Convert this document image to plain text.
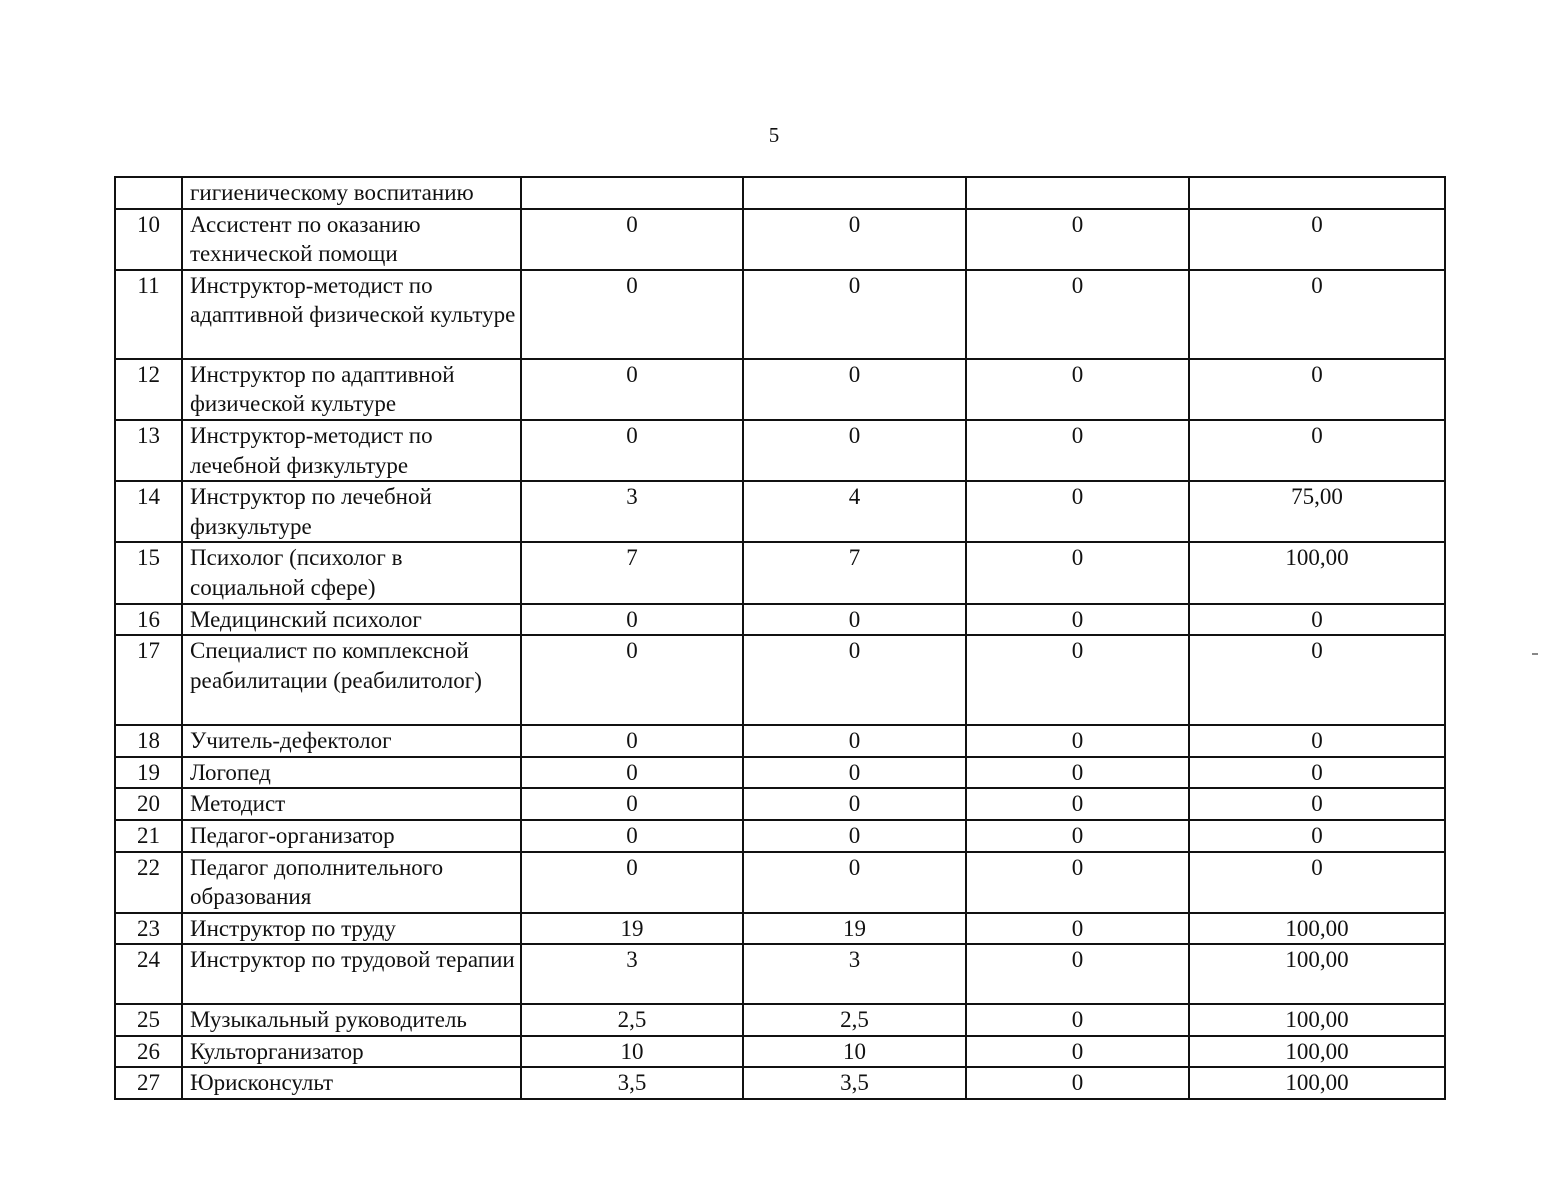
5
	гигиеническому воспитанию				
10	Ассистент по оказанию технической помощи	0	0	0	0
11	Инструктор-методист по адаптивной физической культуре	0	0	0	0
12	Инструктор по адаптивной физической культуре	0	0	0	0
13	Инструктор-методист по лечебной физкультуре	0	0	0	0
14	Инструктор по лечебной физкультуре	3	4	0	75,00
15	Психолог (психолог в социальной сфере)	7	7	0	100,00
16	Медицинский психолог	0	0	0	0
17	Специалист по комплексной реабилитации (реабилитолог)	0	0	0	0
18	Учитель-дефектолог	0	0	0	0
19	Логопед	0	0	0	0
20	Методист	0	0	0	0
21	Педагог-организатор	0	0	0	0
22	Педагог дополнительного образования	0	0	0	0
23	Инструктор по труду	19	19	0	100,00
24	Инструктор по трудовой терапии	3	3	0	100,00
25	Музыкальный руководитель	2,5	2,5	0	100,00
26	Культорганизатор	10	10	0	100,00
27	Юрисконсульт	3,5	3,5	0	100,00
